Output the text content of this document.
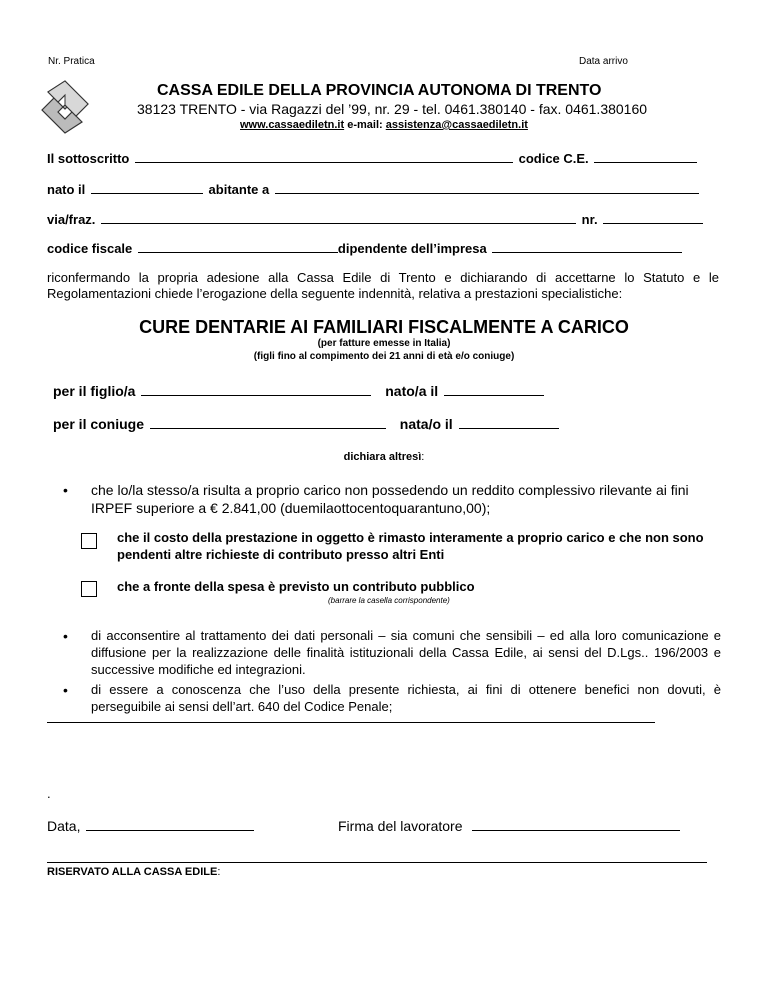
Nr. Pratica	Data arrivo
CASSA EDILE DELLA PROVINCIA AUTONOMA DI TRENTO
38123 TRENTO - via Ragazzi del ’99, nr. 29 - tel. 0461.380140 - fax. 0461.380160
www.cassaediletn.it e-mail: assistenza@cassaediletn.it
Il sottoscritto	codice C.E.
nato il	abitante a
via/fraz.	nr.
codice fiscale	dipendente dell’impresa
riconfermando la propria adesione alla Cassa Edile di Trento e dichiarando di accettarne lo Statuto e le Regolamentazioni chiede l’erogazione della seguente indennità, relativa a prestazioni specialistiche:
CURE DENTARIE AI FAMILIARI FISCALMENTE A CARICO
(per fatture emesse in Italia)
(figli fino al compimento dei 21 anni di età e/o coniuge)
per il figlio/a	nato/a il
per il coniuge	nata/o il
dichiara altresì:
• che lo/la stesso/a risulta a proprio carico non possedendo un reddito complessivo rilevante ai fini IRPEF superiore a € 2.841,00 (duemilaottocentoquarantuno,00);
che il costo della prestazione in oggetto è rimasto interamente a proprio carico e che non sono pendenti altre richieste di contributo presso altri Enti
che a fronte della spesa è previsto un contributo pubblico
(barrare la casella corrispondente)
• di acconsentire al trattamento dei dati personali – sia comuni che sensibili – ed alla loro comunicazione e diffusione per la realizzazione delle finalità istituzionali della Cassa Edile, ai sensi del D.Lgs.. 196/2003 e successive modifiche ed integrazioni.
• di essere a conoscenza che l’uso della presente richiesta, ai fini di ottenere benefici non dovuti, è perseguibile ai sensi dell’art. 640 del Codice Penale;
.
Data,	Firma del lavoratore
RISERVATO ALLA CASSA EDILE:
